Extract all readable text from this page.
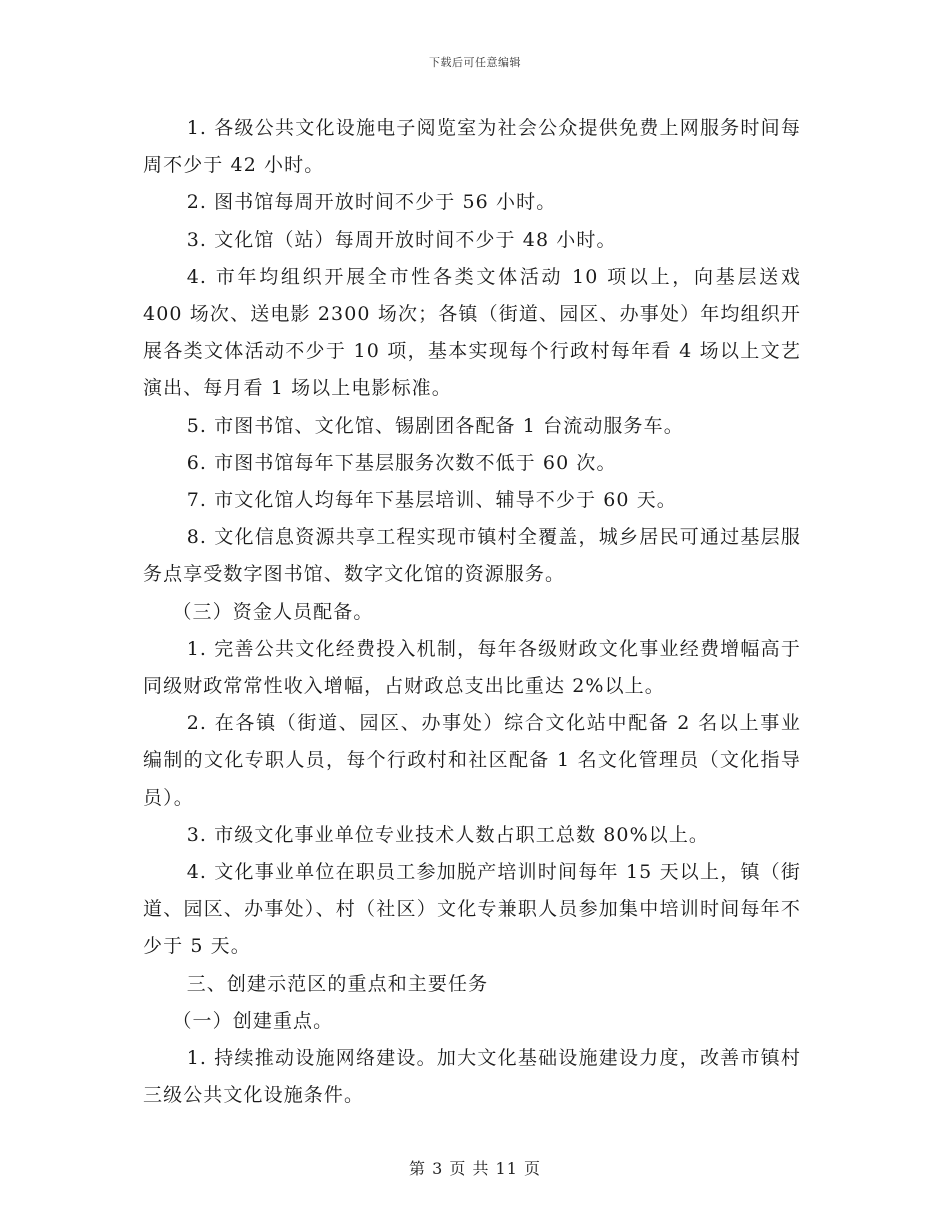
下载后可任意编辑

1. 各级公共文化设施电子阅览室为社会公众提供免费上网服务时间每周不少于 42 小时。

2. 图书馆每周开放时间不少于 56 小时。

3. 文化馆（站）每周开放时间不少于 48 小时。

4. 市年均组织开展全市性各类文体活动 10 项以上，向基层送戏 400 场次、送电影 2300 场次；各镇（街道、园区、办事处）年均组织开展各类文体活动不少于 10 项，基本实现每个行政村每年看 4 场以上文艺演出、每月看 1 场以上电影标准。

5. 市图书馆、文化馆、锡剧团各配备 1 台流动服务车。

6. 市图书馆每年下基层服务次数不低于 60 次。

7. 市文化馆人均每年下基层培训、辅导不少于 60 天。

8. 文化信息资源共享工程实现市镇村全覆盖，城乡居民可通过基层服务点享受数字图书馆、数字文化馆的资源服务。

（三）资金人员配备。

1. 完善公共文化经费投入机制，每年各级财政文化事业经费增幅高于同级财政常常性收入增幅，占财政总支出比重达 2%以上。

2. 在各镇（街道、园区、办事处）综合文化站中配备 2 名以上事业编制的文化专职人员，每个行政村和社区配备 1 名文化管理员（文化指导员）。

3. 市级文化事业单位专业技术人数占职工总数 80%以上。

4. 文化事业单位在职员工参加脱产培训时间每年 15 天以上，镇（街道、园区、办事处）、村（社区）文化专兼职人员参加集中培训时间每年不少于 5 天。

三、创建示范区的重点和主要任务

（一）创建重点。

1. 持续推动设施网络建设。加大文化基础设施建设力度，改善市镇村三级公共文化设施条件。

第 3 页 共 11 页
